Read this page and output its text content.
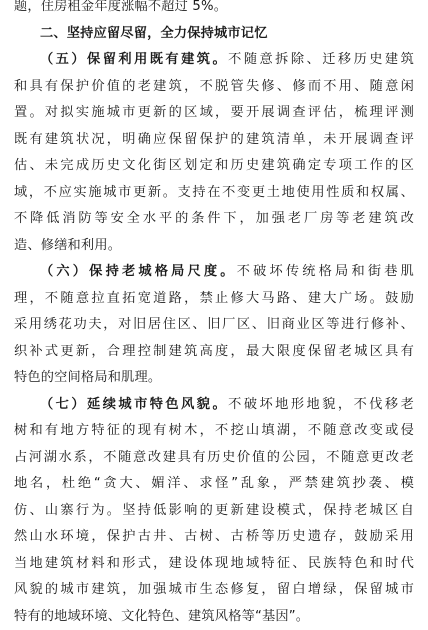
题，住房租金年度涨幅不超过 5%。
二、坚持应留尽留，全力保持城市记忆
（五）保留利用既有建筑。不随意拆除、迁移历史建筑
和具有保护价值的老建筑，不脱管失修、修而不用、随意闲
置。对拟实施城市更新的区域，要开展调查评估，梳理评测
既有建筑状况，明确应保留保护的建筑清单，未开展调查评
估、未完成历史文化街区划定和历史建筑确定专项工作的区
域，不应实施城市更新。支持在不变更土地使用性质和权属、
不降低消防等安全水平的条件下，加强老厂房等老建筑改
造、修缮和利用。
（六）保持老城格局尺度。不破坏传统格局和街巷肌
理，不随意拉直拓宽道路，禁止修大马路、建大广场。鼓励
采用绣花功夫，对旧居住区、旧厂区、旧商业区等进行修补、
织补式更新，合理控制建筑高度，最大限度保留老城区具有
特色的空间格局和肌理。
（七）延续城市特色风貌。不破坏地形地貌，不伐移老
树和有地方特征的现有树木，不挖山填湖，不随意改变或侵
占河湖水系，不随意改建具有历史价值的公园，不随意更改老
地名，杜绝“贪大、媚洋、求怪”乱象，严禁建筑抄袭、模
仿、山寨行为。坚持低影响的更新建设模式，保持老城区自
然山水环境，保护古井、古树、古桥等历史遗存，鼓励采用
当地建筑材料和形式，建设体现地域特征、民族特色和时代
风貌的城市建筑，加强城市生态修复，留白增绿，保留城市
特有的地域环境、文化特色、建筑风格等“基因”。
